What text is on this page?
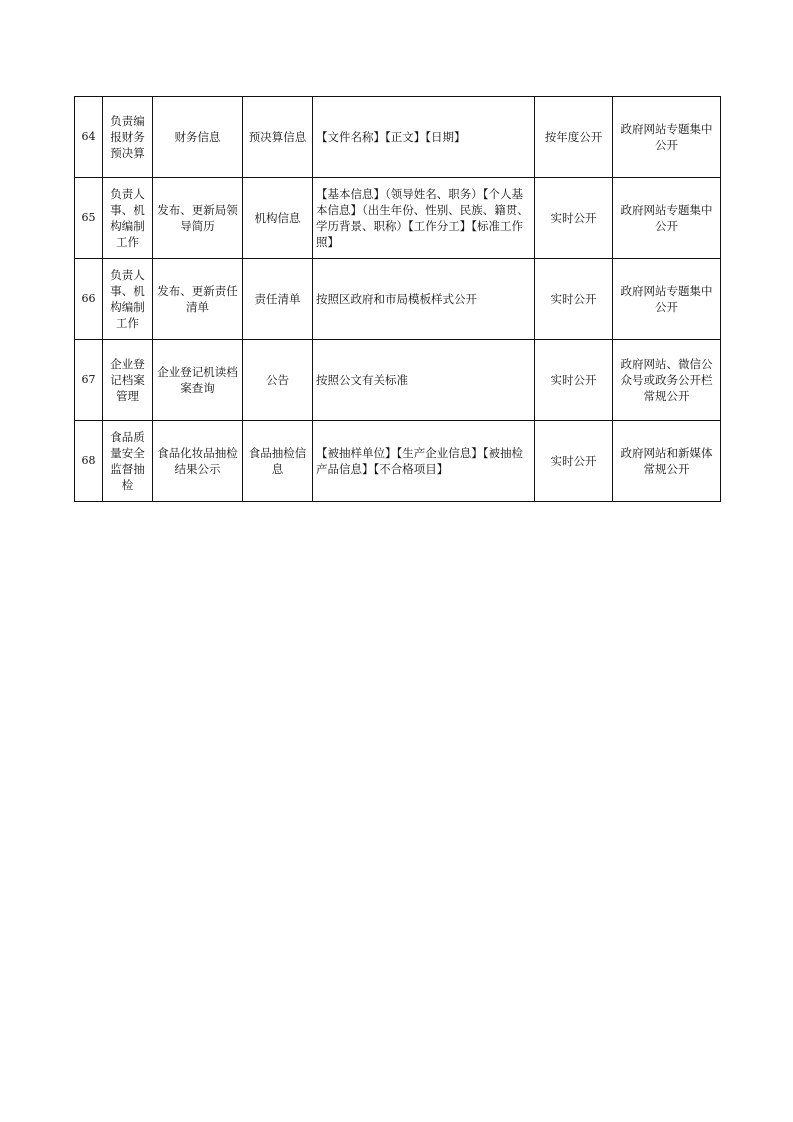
64	负责编报财务预决算	财务信息	预决算信息	【文件名称】【正文】【日期】	按年度公开	政府网站专题集中公开
65	负责人事、机构编制工作	发布、更新局领导简历	机构信息	【基本信息】（领导姓名、职务）【个人基本信息】（出生年份、性别、民族、籍贯、学历背景、职称）【工作分工】【标准工作照】	实时公开	政府网站专题集中公开
66	负责人事、机构编制工作	发布、更新责任清单	责任清单	按照区政府和市局模板样式公开	实时公开	政府网站专题集中公开
67	企业登记档案管理	企业登记机读档案查询	公告	按照公文有关标准	实时公开	政府网站、微信公众号或政务公开栏常规公开
68	食品质量安全监督抽检	食品化妆品抽检结果公示	食品抽检信息	【被抽样单位】【生产企业信息】【被抽检产品信息】【不合格项目】	实时公开	政府网站和新媒体常规公开
